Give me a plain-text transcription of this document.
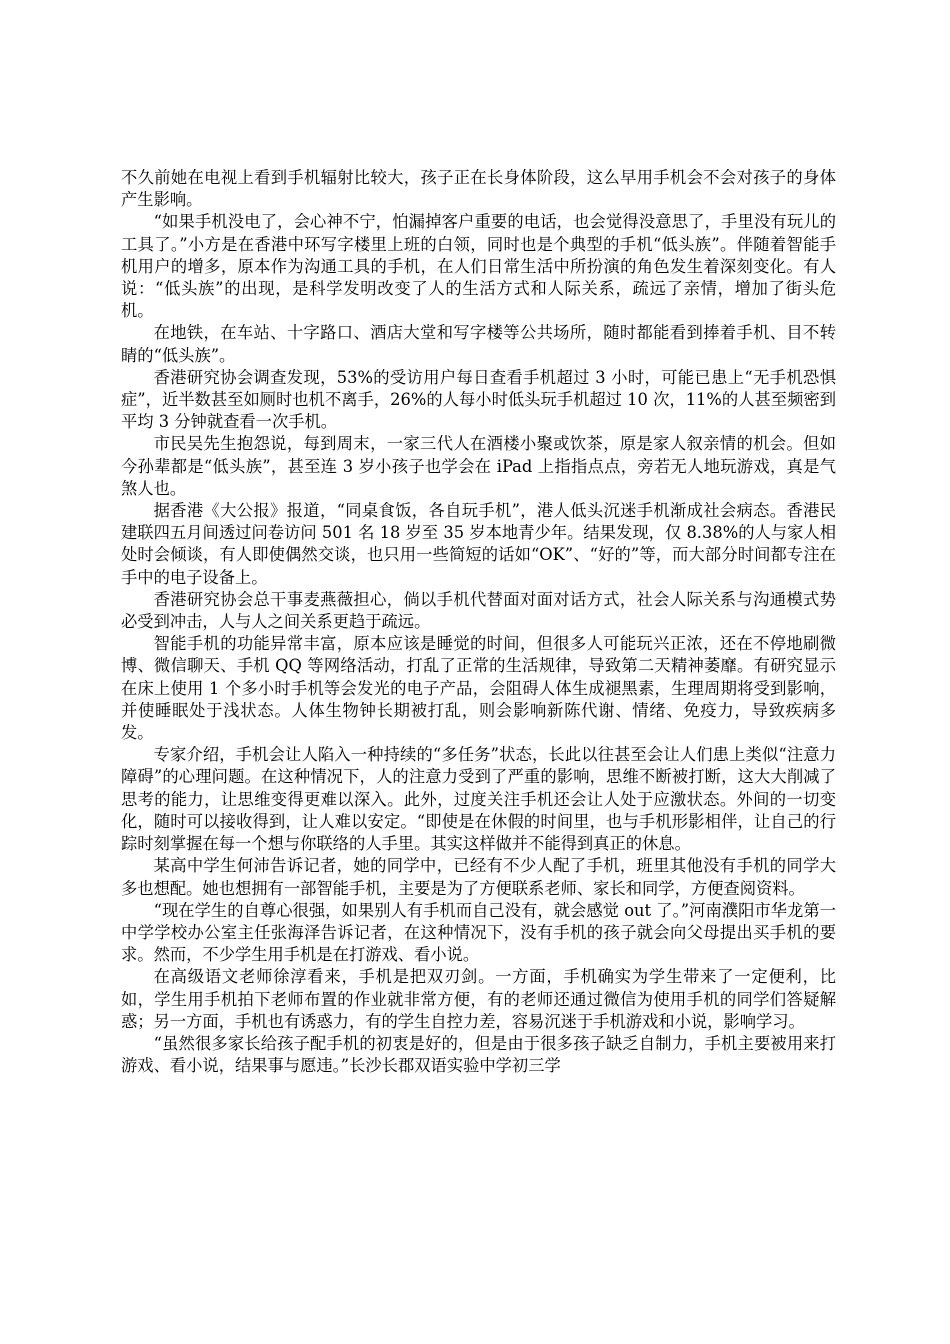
不久前她在电视上看到手机辐射比较大，孩子正在长身体阶段，这么早用手机会不会对孩子的身体产生影响。

“如果手机没电了，会心神不宁，怕漏掉客户重要的电话，也会觉得没意思了，手里没有玩儿的工具了。”小方是在香港中环写字楼里上班的白领，同时也是个典型的手机“低头族”。伴随着智能手机用户的增多，原本作为沟通工具的手机，在人们日常生活中所扮演的角色发生着深刻变化。有人说：“低头族”的出现，是科学发明改变了人的生活方式和人际关系，疏远了亲情，增加了街头危机。

在地铁，在车站、十字路口、酒店大堂和写字楼等公共场所，随时都能看到捧着手机、目不转睛的“低头族”。

香港研究协会调查发现，53%的受访用户每日查看手机超过 3 小时，可能已患上“无手机恐惧症”，近半数甚至如厕时也机不离手，26%的人每小时低头玩手机超过 10 次，11%的人甚至频密到平均 3 分钟就查看一次手机。

市民吴先生抱怨说，每到周末，一家三代人在酒楼小聚或饮茶，原是家人叙亲情的机会。但如今孙辈都是“低头族”，甚至连 3 岁小孩子也学会在 iPad 上指指点点，旁若无人地玩游戏，真是气煞人也。

据香港《大公报》报道，“同桌食饭，各自玩手机”，港人低头沉迷手机渐成社会病态。香港民建联四五月间透过问卷访问 501 名 18 岁至 35 岁本地青少年。结果发现，仅 8.38%的人与家人相处时会倾谈，有人即使偶然交谈，也只用一些简短的话如“OK”、“好的”等，而大部分时间都专注在手中的电子设备上。

香港研究协会总干事麦燕薇担心，倘以手机代替面对面对话方式，社会人际关系与沟通模式势必受到冲击，人与人之间关系更趋于疏远。

智能手机的功能异常丰富，原本应该是睡觉的时间，但很多人可能玩兴正浓，还在不停地刷微博、微信聊天、手机 QQ 等网络活动，打乱了正常的生活规律，导致第二天精神萎靡。有研究显示在床上使用 1 个多小时手机等会发光的电子产品，会阻碍人体生成褪黑素，生理周期将受到影响，并使睡眠处于浅状态。人体生物钟长期被打乱，则会影响新陈代谢、情绪、免疫力，导致疾病多发。

专家介绍，手机会让人陷入一种持续的“多任务”状态，长此以往甚至会让人们患上类似“注意力障碍”的心理问题。在这种情况下，人的注意力受到了严重的影响，思维不断被打断，这大大削减了思考的能力，让思维变得更难以深入。此外，过度关注手机还会让人处于应激状态。外间的一切变化，随时可以接收得到，让人难以安定。“即使是在休假的时间里，也与手机形影相伴，让自己的行踪时刻掌握在每一个想与你联络的人手里。其实这样做并不能得到真正的休息。

某高中学生何沛告诉记者，她的同学中，已经有不少人配了手机，班里其他没有手机的同学大多也想配。她也想拥有一部智能手机，主要是为了方便联系老师、家长和同学，方便查阅资料。

“现在学生的自尊心很强，如果别人有手机而自己没有，就会感觉 out 了。”河南濮阳市华龙第一中学学校办公室主任张海泽告诉记者，在这种情况下，没有手机的孩子就会向父母提出买手机的要求。然而，不少学生用手机是在打游戏、看小说。

在高级语文老师徐淳看来，手机是把双刃剑。一方面，手机确实为学生带来了一定便利，比如，学生用手机拍下老师布置的作业就非常方便，有的老师还通过微信为使用手机的同学们答疑解惑；另一方面，手机也有诱惑力，有的学生自控力差，容易沉迷于手机游戏和小说，影响学习。

“虽然很多家长给孩子配手机的初衷是好的，但是由于很多孩子缺乏自制力，手机主要被用来打游戏、看小说，结果事与愿违。”长沙长郡双语实验中学初三学
